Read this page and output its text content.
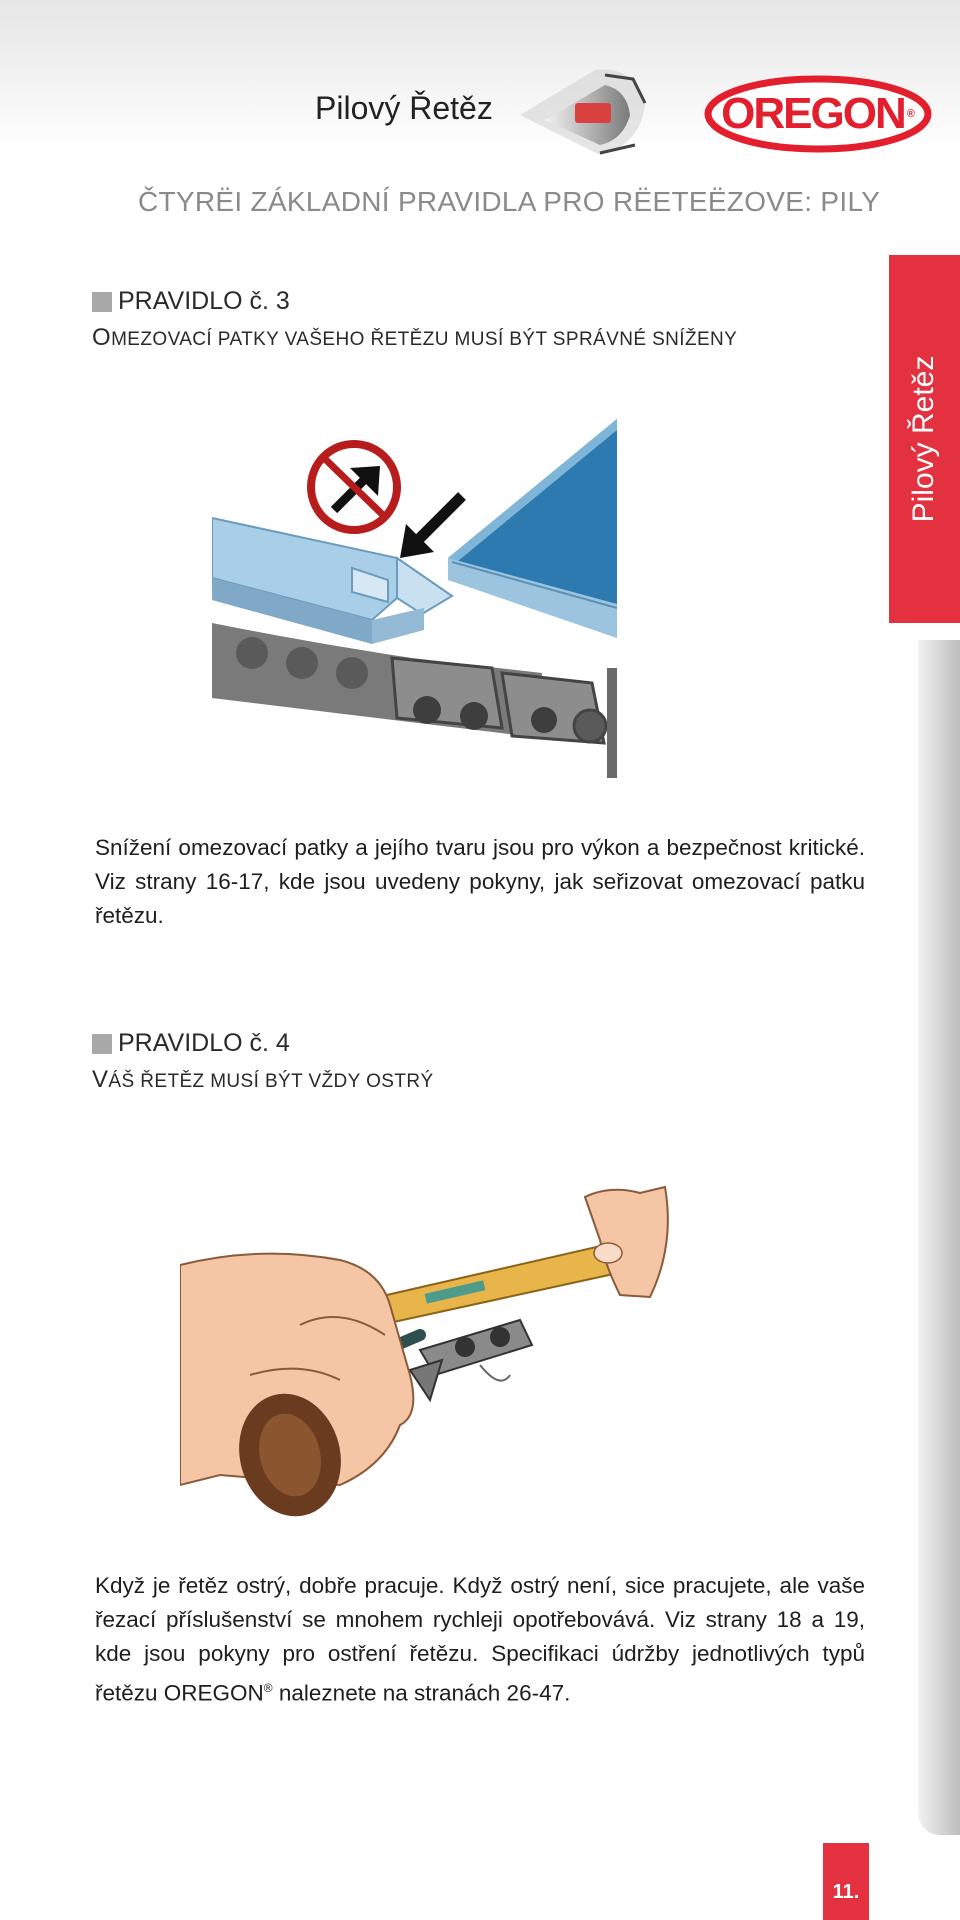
Pilový Řetěz	OREGON ®
ČTYRËI ZÁKLADNÍ PRAVIDLA PRO RËETEËZOVE: PILY
Pilový Řetěz
PRAVIDLO č. 3
OMEZOVACÍ PATKY VAŠEHO ŘETĚZU MUSÍ BÝT SPRÁVNÉ SNÍŽENY

Snížení omezovací patky a jejího tvaru jsou pro výkon a bezpečnost kritické. Viz strany 16-17, kde jsou uvedeny pokyny, jak seřizovat omezovací patku řetězu.

PRAVIDLO č. 4
VÁŠ ŘETĚZ MUSÍ BÝT VŽDY OSTRÝ

Když je řetěz ostrý, dobře pracuje. Když ostrý není, sice pracujete, ale vaše řezací příslušenství se mnohem rychleji opotřebovává. Viz strany 18 a 19, kde jsou pokyny pro ostření řetězu. Specifikaci údržby jednotlivých typů řetězu OREGON® naleznete na stranách 26-47.

11.
